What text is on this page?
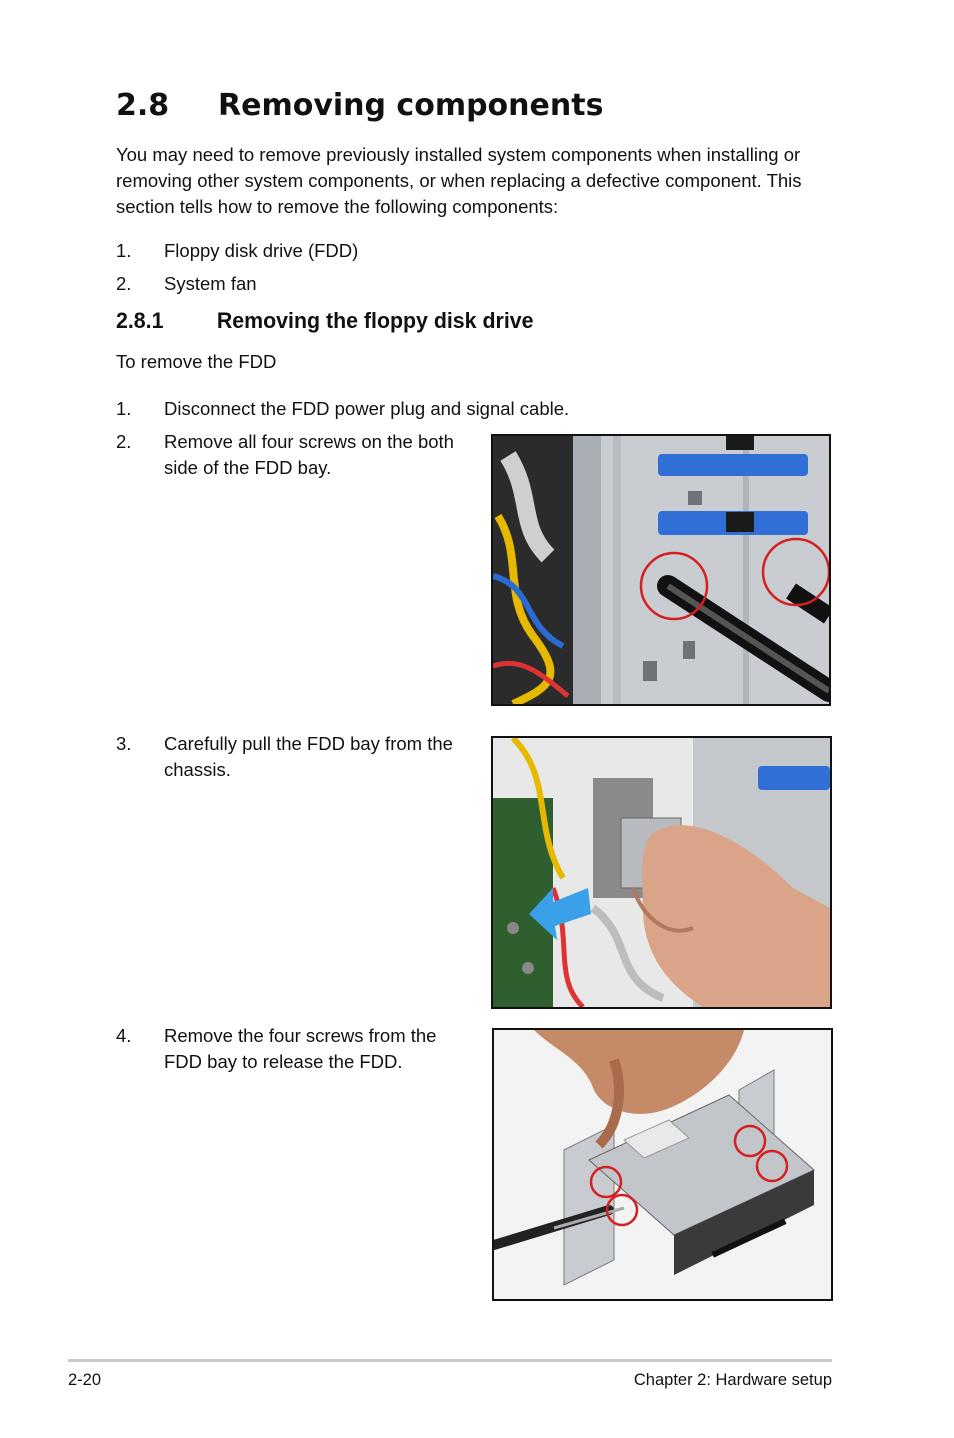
2.8 Removing components
You may need to remove previously installed system components when installing or removing other system components, or when replacing a defective component. This section tells how to remove the following components:
1. Floppy disk drive (FDD)
2. System fan
2.8.1 Removing the floppy disk drive
To remove the FDD
1. Disconnect the FDD power plug and signal cable.
2. Remove all four screws on the both side of the FDD bay.
3. Carefully pull the FDD bay from the chassis.
4. Remove the four screws from the FDD bay to release the FDD.
2-20	Chapter 2: Hardware setup
